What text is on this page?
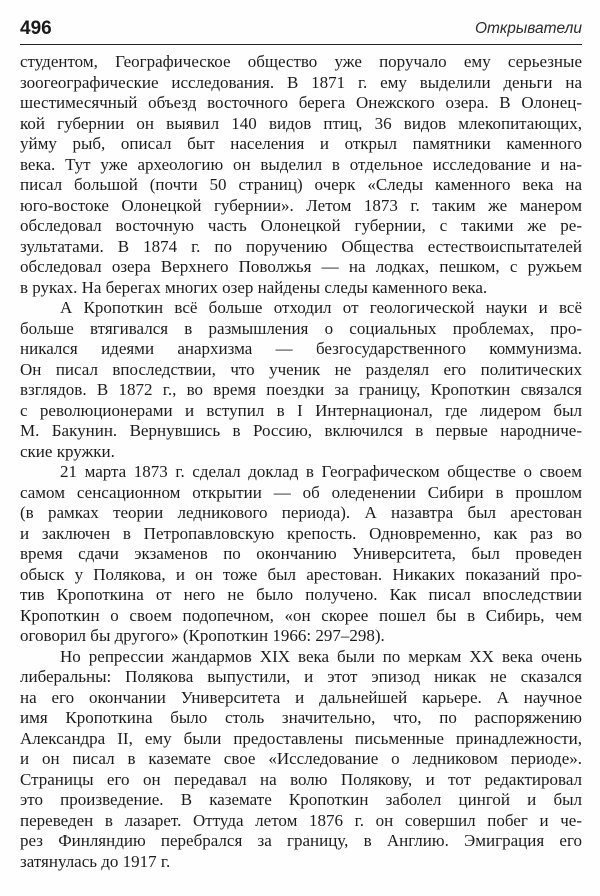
496	Открыватели
студентом, Географическое общество уже поручало ему серьезные
зоогеографические исследования. В 1871 г. ему выделили деньги на
шестимесячный объезд восточного берега Онежского озера. В Олонец-
кой губернии он выявил 140 видов птиц, 36 видов млекопитающих,
уйму рыб, описал быт населения и открыл памятники каменного
века. Тут уже археологию он выделил в отдельное исследование и на-
писал большой (почти 50 страниц) очерк «Следы каменного века на
юго-востоке Олонецкой губернии». Летом 1873 г. таким же манером
обследовал восточную часть Олонецкой губернии, с такими же ре-
зультатами. В 1874 г. по поручению Общества естествоиспытателей
обследовал озера Верхнего Поволжья — на лодках, пешком, с ружьем
в руках. На берегах многих озер найдены следы каменного века.
А Кропоткин всё больше отходил от геологической науки и всё
больше втягивался в размышления о социальных проблемах, про-
никался идеями анархизма — безгосударственного коммунизма.
Он писал впоследствии, что ученик не разделял его политических
взглядов. В 1872 г., во время поездки за границу, Кропоткин связался
с революционерами и вступил в I Интернационал, где лидером был
М. Бакунин. Вернувшись в Россию, включился в первые народниче-
ские кружки.
21 марта 1873 г. сделал доклад в Географическом обществе о своем
самом сенсационном открытии — об оледенении Сибири в прошлом
(в рамках теории ледникового периода). А назавтра был арестован
и заключен в Петропавловскую крепость. Одновременно, как раз во
время сдачи экзаменов по окончанию Университета, был проведен
обыск у Полякова, и он тоже был арестован. Никаких показаний про-
тив Кропоткина от него не было получено. Как писал впоследствии
Кропоткин о своем подопечном, «он скорее пошел бы в Сибирь, чем
оговорил бы другого» (Кропоткин 1966: 297–298).
Но репрессии жандармов XIX века были по меркам XX века очень
либеральны: Полякова выпустили, и этот эпизод никак не сказался
на его окончании Университета и дальнейшей карьере. А научное
имя Кропоткина было столь значительно, что, по распоряжению
Александра II, ему были предоставлены письменные принадлежности,
и он писал в каземате свое «Исследование о ледниковом периоде».
Страницы его он передавал на волю Полякову, и тот редактировал
это произведение. В каземате Кропоткин заболел цингой и был
переведен в лазарет. Оттуда летом 1876 г. он совершил побег и че-
рез Финляндию перебрался за границу, в Англию. Эмиграция его
затянулась до 1917 г.
